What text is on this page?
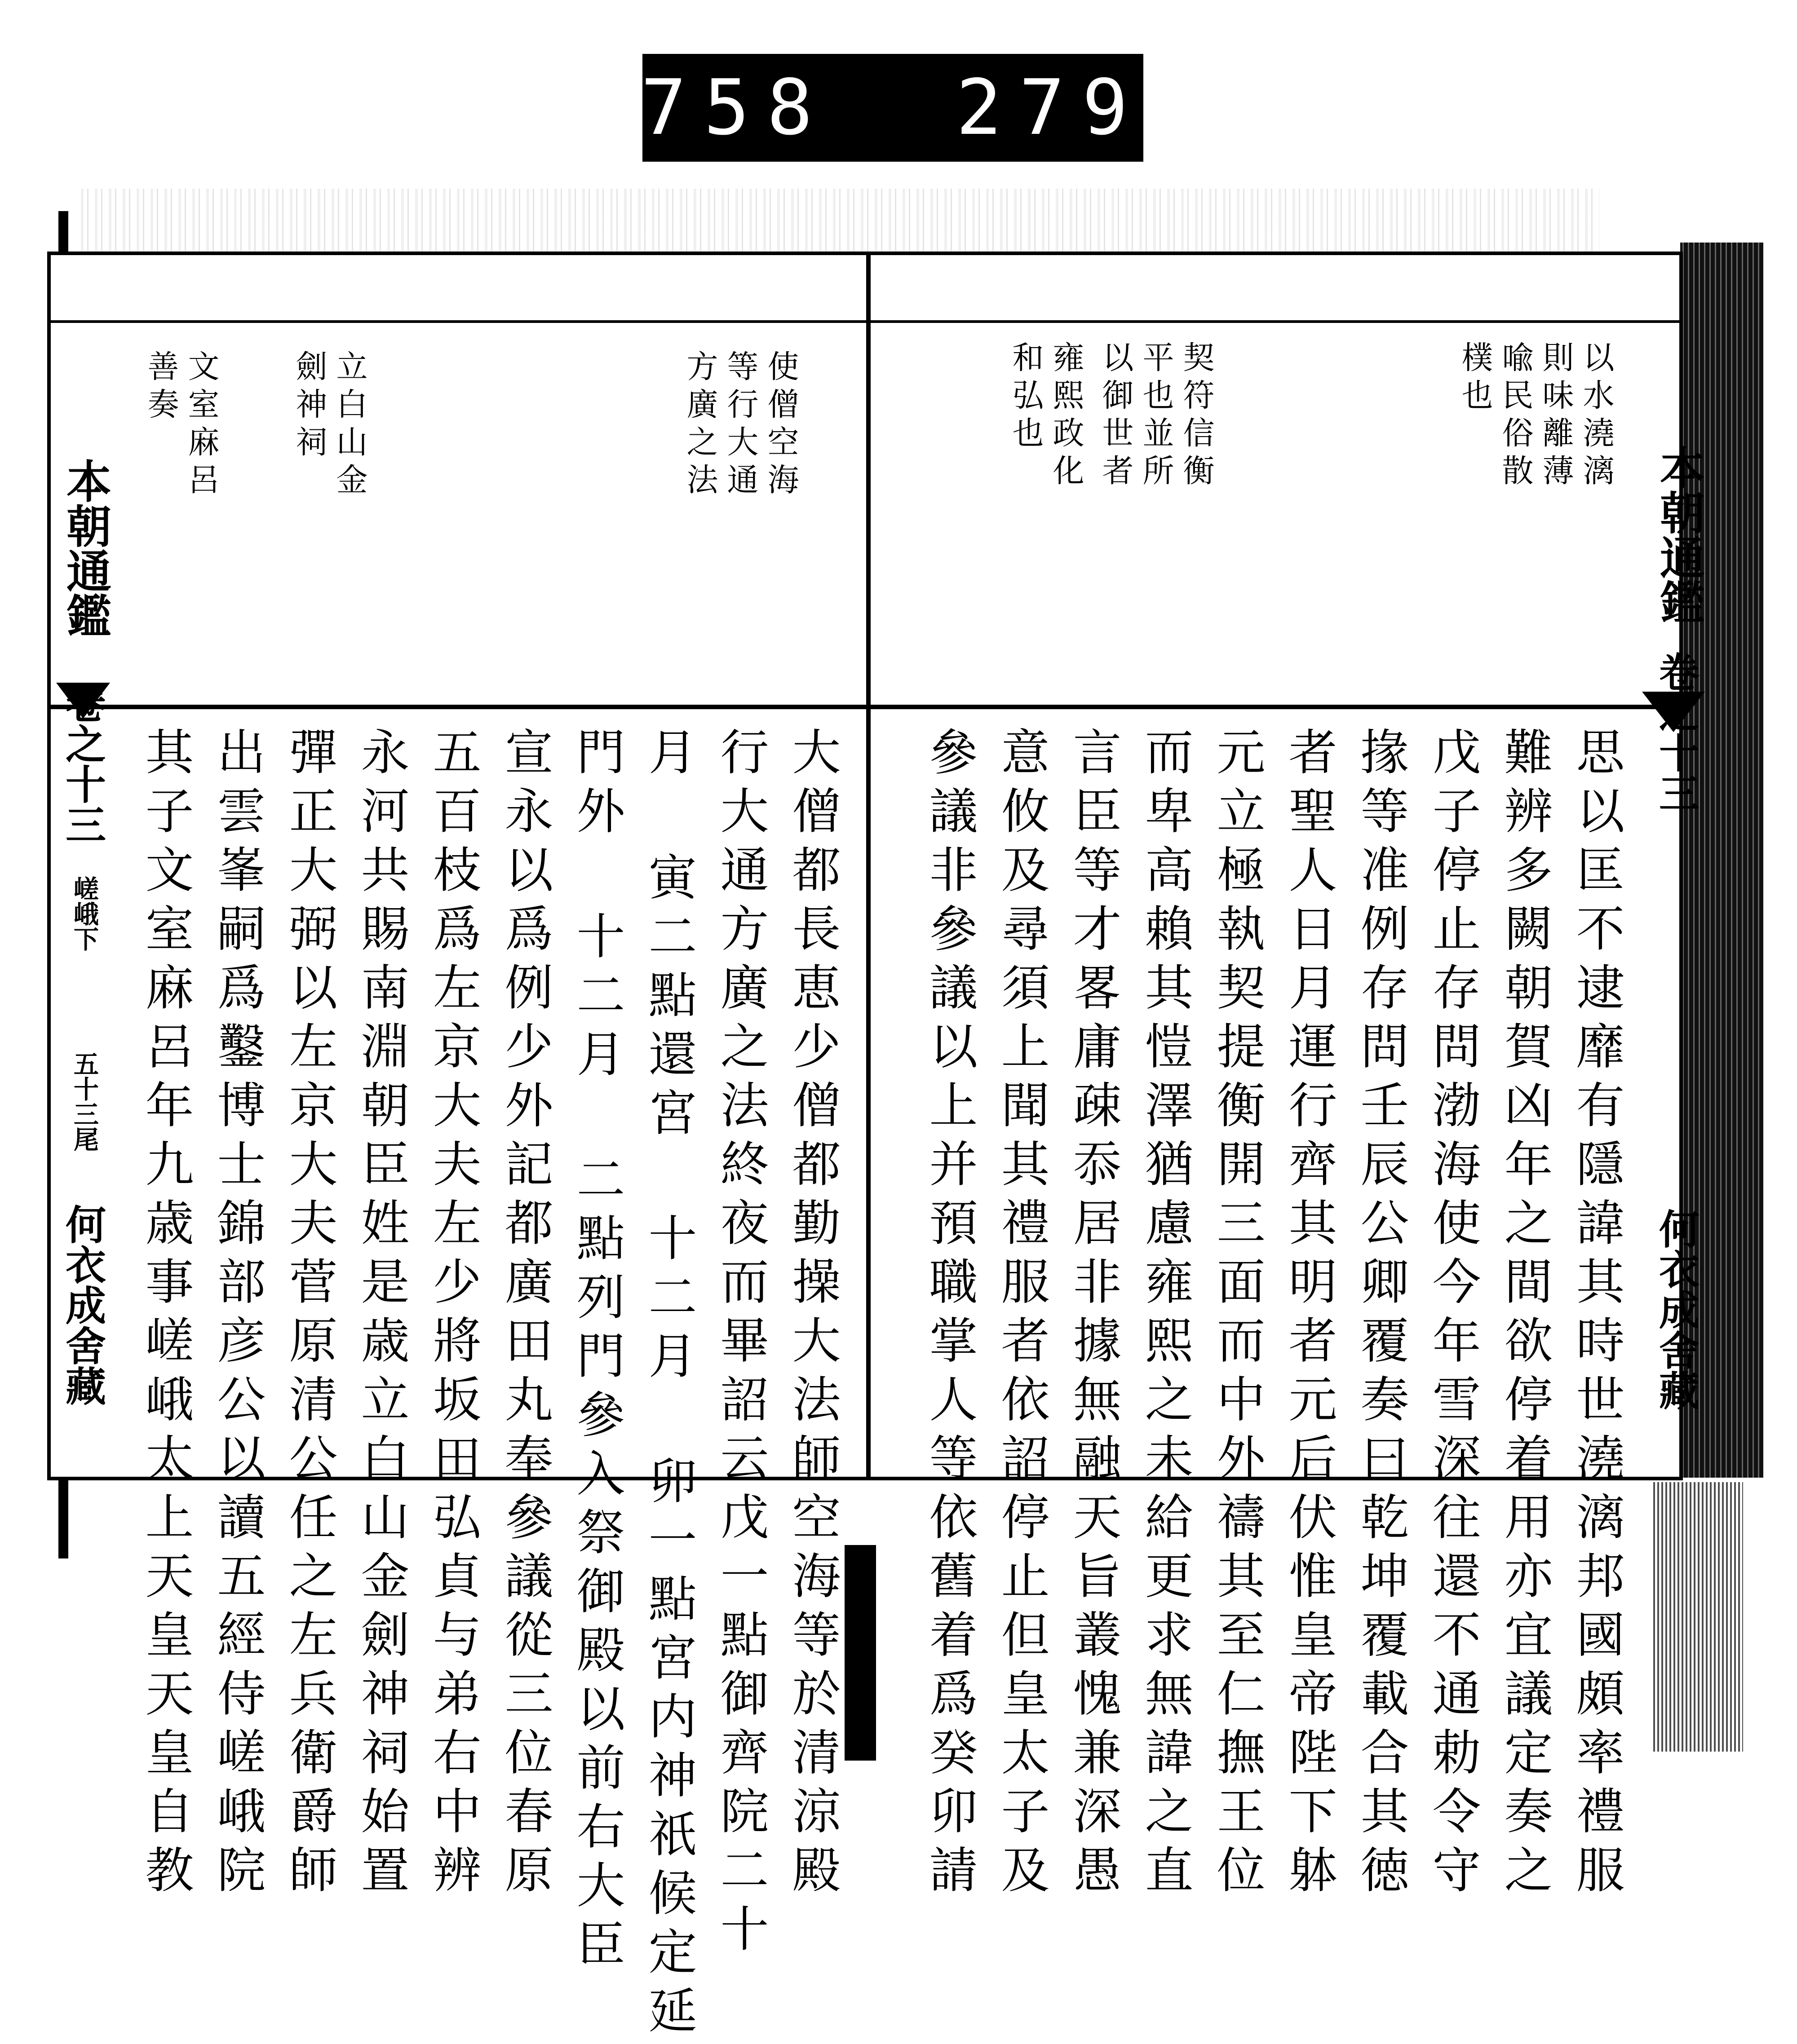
758  279
使僧空海
等行大通
方廣之法
立白山金
劍神祠
文室麻呂
善奏
大僧都長恵少僧都勤操大法師空海等於清涼殿
行大通方廣之法終夜而畢詔云戊一點御齊院二十
月 寅二點還宮 十二月 卯一點宮内神祇候定延
門外 十二月 二點列門參入祭御殿以前右大臣
宣永以爲例少外記都廣田丸奉參議從三位春原
五百枝爲左京大夫左少將坂田弘貞与弟右中辨
永河共賜南淵朝臣姓是歳立白山金劍神祠始置
彈正大弼以左京大夫菅原清公任之左兵衛爵師
出雲峯嗣爲鑿博士錦部彦公以讀五經侍嵯峨院
其子文室麻呂年九歳事嵯峨太上天皇天皇自教
本朝通鑑
卷之十三
嵯峨下
五十三尾
何衣成舍藏
以水澆漓
則味離薄
喩民俗散
樸也
契符信衡
平也並所
以御世者
雍熙政化
和弘也
思以匡不逮靡有隱諱其時世澆漓邦國頗率禮服
難辨多闕朝賀凶年之間欲停着用亦宜議定奏之
戊子停止存問渤海使今年雪深往還不通勅令守
掾等准例存問壬辰公卿覆奏曰乾坤覆載合其徳
者聖人日月運行齊其明者元后伏惟皇帝陛下躰
元立極執契提衡開三面而中外禱其至仁撫王位
而卑高賴其愷澤猶慮雍熙之未給更求無諱之直
言臣等才畧庸疎忝居非據無融天旨叢愧兼深愚
意攸及尋須上聞其禮服者依詔停止但皇太子及
參議非參議以上并預職掌人等依舊着爲癸卯請
本朝通鑑
卷之十三
何衣成舍藏
